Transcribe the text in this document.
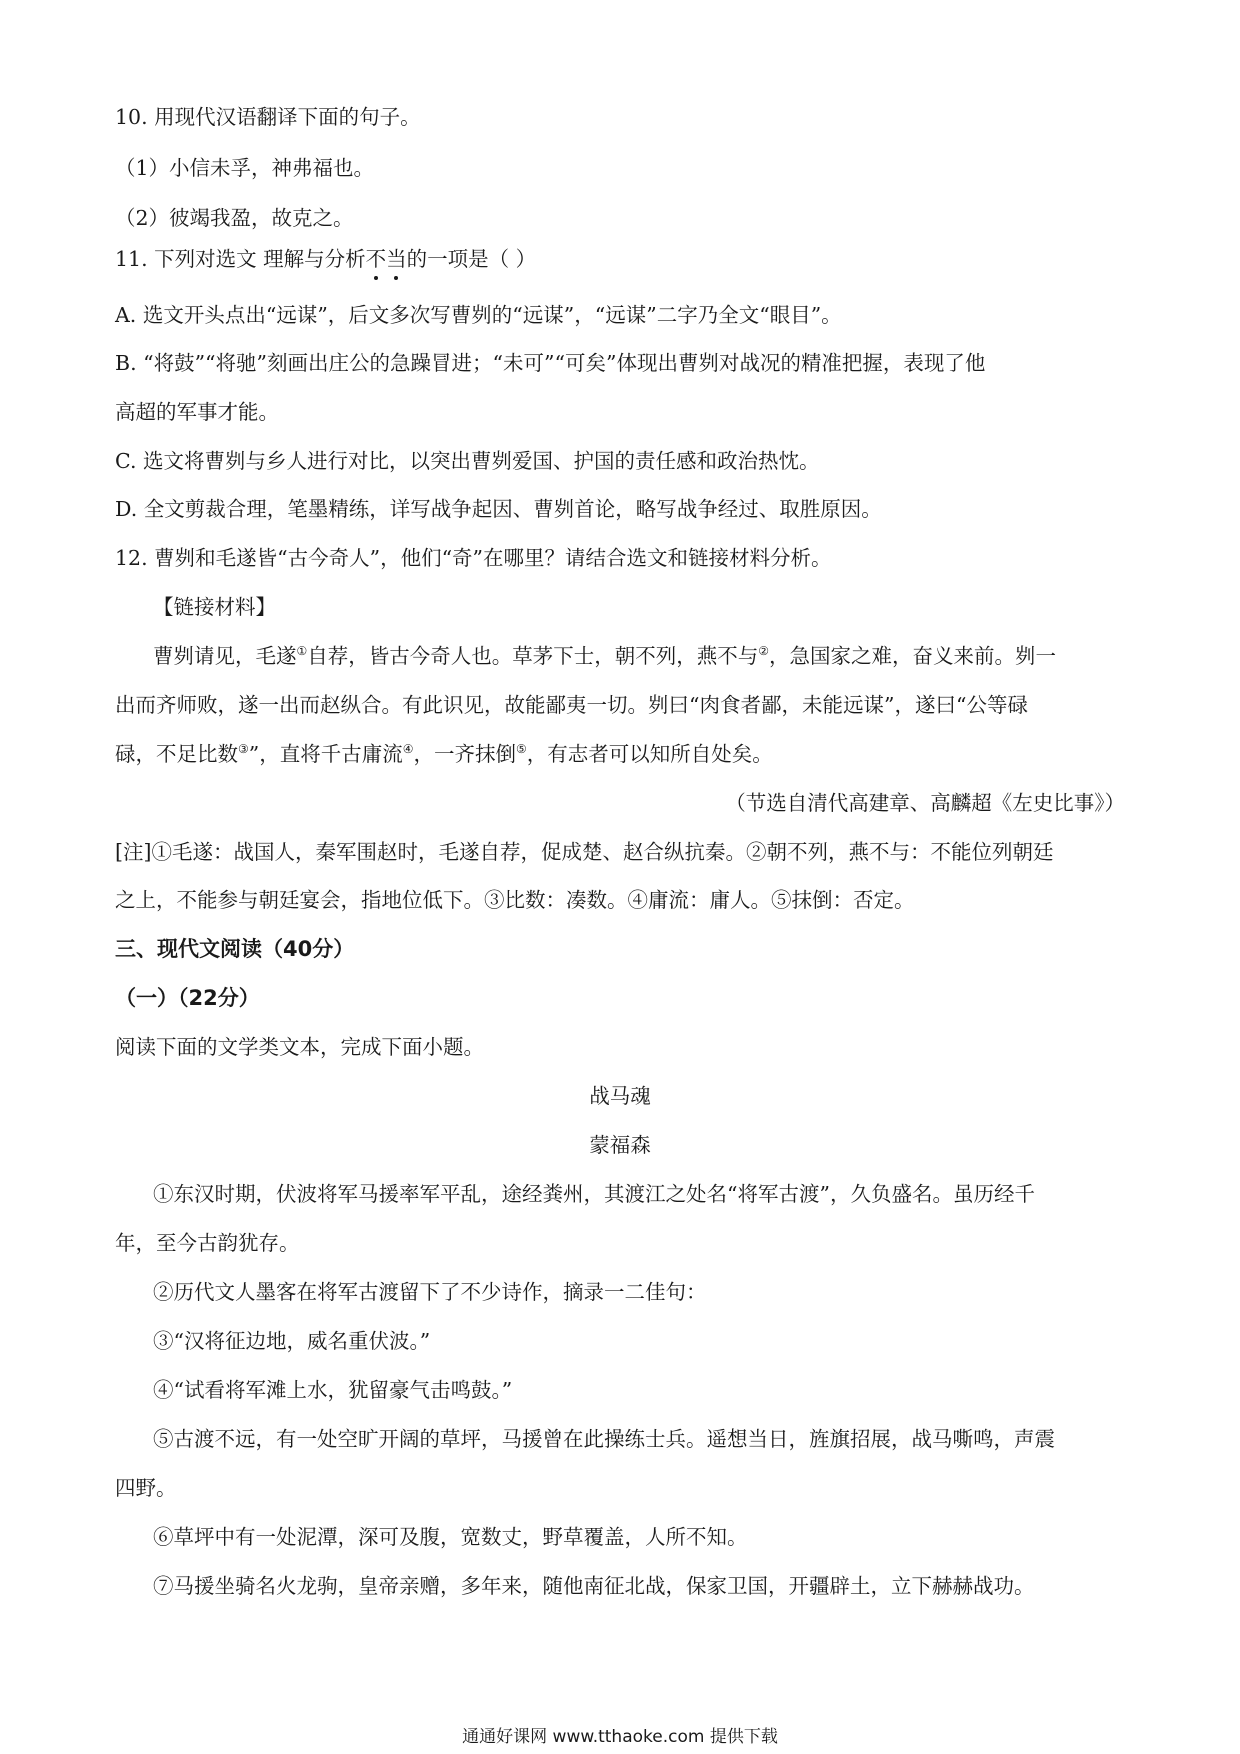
10. 用现代汉语翻译下面的句子。
（1）小信未孚，神弗福也。
（2）彼竭我盈，故克之。
11. 下列对选文 理解与分析不当的一项是（ ）
A. 选文开头点出“远谋”，后文多次写曹刿的“远谋”，“远谋”二字乃全文“眼目”。
B. “将鼓”“将驰”刻画出庄公的急躁冒进；“未可”“可矣”体现出曹刿对战况的精准把握，表现了他
高超的军事才能。
C. 选文将曹刿与乡人进行对比，以突出曹刿爱国、护国的责任感和政治热忱。
D. 全文剪裁合理，笔墨精练，详写战争起因、曹刿首论，略写战争经过、取胜原因。
12. 曹刿和毛遂皆“古今奇人”，他们“奇”在哪里？请结合选文和链接材料分析。
【链接材料】
曹刿请见，毛遂①自荐，皆古今奇人也。草茅下士，朝不列，燕不与②，急国家之难，奋义来前。刿一
出而齐师败，遂一出而赵纵合。有此识见，故能鄙夷一切。刿曰“肉食者鄙，未能远谋”，遂曰“公等碌
碌，不足比数③”，直将千古庸流④，一齐抹倒⑤，有志者可以知所自处矣。
（节选自清代高建章、高麟超《左史比事》）
[注]①毛遂：战国人，秦军围赵时，毛遂自荐，促成楚、赵合纵抗秦。②朝不列，燕不与：不能位列朝廷
之上，不能参与朝廷宴会，指地位低下。③比数：凑数。④庸流：庸人。⑤抹倒：否定。
三、现代文阅读（40分）
（一）（22分）
阅读下面的文学类文本，完成下面小题。
战马魂
蒙福森
①东汉时期，伏波将军马援率军平乱，途经粪州，其渡江之处名“将军古渡”，久负盛名。虽历经千
年，至今古韵犹存。
②历代文人墨客在将军古渡留下了不少诗作，摘录一二佳句：
③“汉将征边地，威名重伏波。”
④“试看将军滩上水，犹留豪气击鸣鼓。”
⑤古渡不远，有一处空旷开阔的草坪，马援曾在此操练士兵。遥想当日，旌旗招展，战马嘶鸣，声震
四野。
⑥草坪中有一处泥潭，深可及腹，宽数丈，野草覆盖，人所不知。
⑦马援坐骑名火龙驹，皇帝亲赠，多年来，随他南征北战，保家卫国，开疆辟土，立下赫赫战功。
通通好课网 www.tthaoke.com 提供下载
